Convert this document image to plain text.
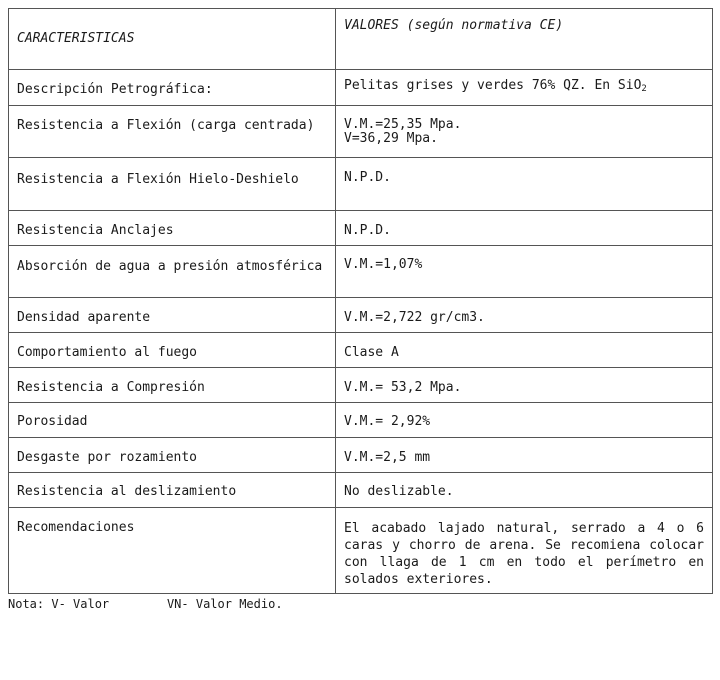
CARACTERISTICAS	VALORES (según normativa CE)

Descripción Petrográfica:	Pelitas grises y verdes 76% QZ. En SiO$_2$

Resistencia a Flexión (carga centrada)	V.M.=25,35 Mpa.
V=36,29 Mpa.

Resistencia a Flexión Hielo-Deshielo	N.P.D.

Resistencia Anclajes	N.P.D.

Absorción de agua a presión atmosférica	V.M.=1,07%

Densidad aparente	V.M.=2,722 gr/cm3.

Comportamiento al fuego	Clase A

Resistencia a Compresión	V.M.= 53,2 Mpa.

Porosidad	V.M.= 2,92%

Desgaste por rozamiento	V.M.=2,5 mm

Resistencia al deslizamiento	No deslizable.

Recomendaciones	El acabado lajado natural, serrado a 4 o 6 caras y chorro de arena. Se recomiena colocar con llaga de 1 cm en todo el perímetro en solados exteriores.
Nota: V- Valor	VN- Valor Medio.
